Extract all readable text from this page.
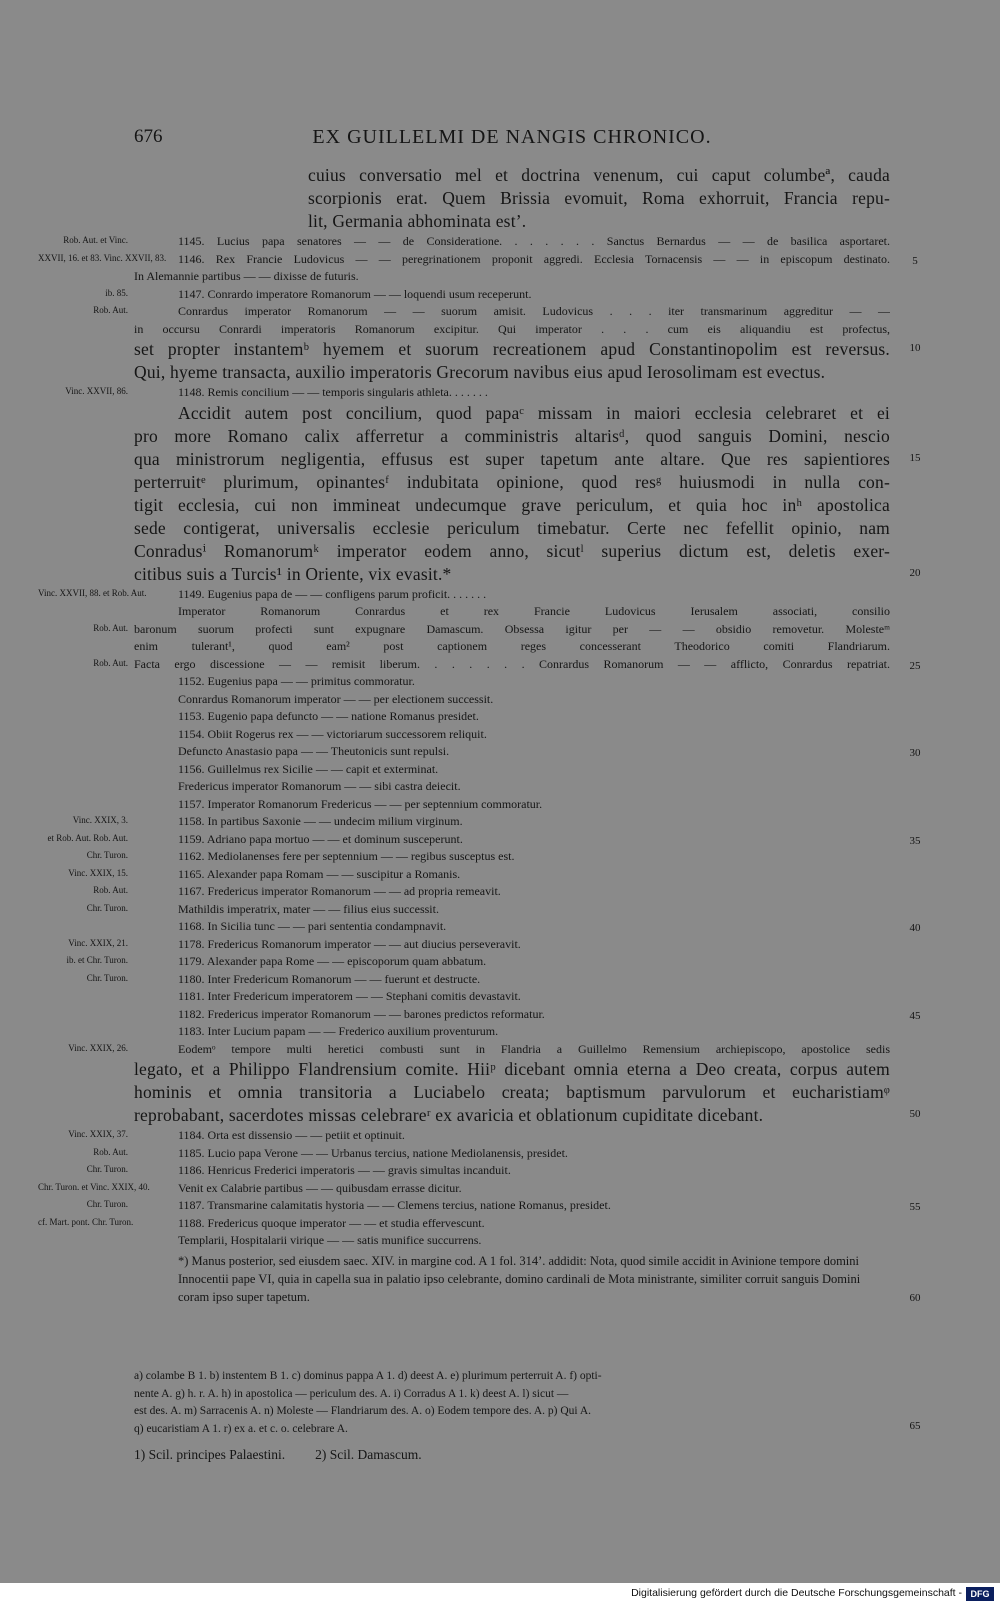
676	EX GUILLELMI DE NANGIS CHRONICO.
cuius conversatio mel et doctrina venenum, cui caput columbeª, cauda
scorpionis erat. Quem Brissia evomuit, Roma exhorruit, Francia repu-
lit, Germania abhominata est’.
Rob. Aut. et Vinc.	1145. Lucius papa senatores — — de Consideratione. . . . . . . Sanctus Bernardus — — de basilica asportaret.
XXVII, 16. et 83. Vinc. XXVII, 83. 1146. Rex Francie Ludovicus — — peregrinationem proponit aggredi. Ecclesia Tornacensis — — in episcopum destinato.	5
In Alemannie partibus — — dixisse de futuris.
ib. 85.	1147. Conrardo imperatore Romanorum — — loquendi usum receperunt.
Rob. Aut.	Conrardus imperator Romanorum — — suorum amisit. Ludovicus . . . iter transmarinum aggreditur — —
in occursu Conrardi imperatoris Romanorum excipitur. Qui imperator . . . cum eis aliquandiu est profectus,
set propter instantemᵇ hyemem et suorum recreationem apud Constantinopolim est reversus.	10
Qui, hyeme transacta, auxilio imperatoris Grecorum navibus eius apud Ierosolimam est evectus.
Vinc. XXVII, 86.	1148. Remis concilium — — temporis singularis athleta. . . . . . .
Accidit autem post concilium, quod papaᶜ missam in maiori ecclesia celebraret et ei
pro more Romano calix afferretur a comministris altarisᵈ, quod sanguis Domini, nescio
qua ministrorum negligentia, effusus est super tapetum ante altare. Que res sapientiores	15
perterruitᵉ plurimum, opinantesᶠ indubitata opinione, quod resᵍ huiusmodi in nulla con-
tigit ecclesia, cui non immineat undecumque grave periculum, et quia hoc inʰ apostolica
sede contigerat, universalis ecclesie periculum timebatur. Certe nec fefellit opinio, nam
Conradusⁱ Romanorumᵏ imperator eodem anno, sicutˡ superius dictum est, deletis exer-
citibus suis a Turcis¹ in Oriente, vix evasit.*	20
Vinc. XXVII, 88. et Rob. Aut.	1149. Eugenius papa de — — confligens parum proficit. . . . . . .
Imperator Romanorum Conrardus et rex Francie Ludovicus Ierusalem associati, consilio
Rob. Aut. baronum suorum profecti sunt expugnare Damascum. Obsessa igitur per — — obsidio removetur. Molesteᵐ
enim tulerant¹, quod eam² post captionem reges concesserant Theodorico comiti Flandriarum.
Rob. Aut. Facta ergo discessione — — remisit liberum. . . . . . . Conrardus Romanorum — — afflicto, Conrardus repatriat.	25
1152. Eugenius papa — — primitus commoratur.
Conrardus Romanorum imperator — — per electionem successit.
1153. Eugenio papa defuncto — — natione Romanus presidet.
1154. Obiit Rogerus rex — — victoriarum successorem reliquit.
Defuncto Anastasio papa — — Theutonicis sunt repulsi.	30
1156. Guillelmus rex Sicilie — — capit et exterminat.
Fredericus imperator Romanorum — — sibi castra deiecit.
1157. Imperator Romanorum Fredericus — — per septennium commoratur.
Vinc. XXIX, 3.	1158. In partibus Saxonie — — undecim milium virginum.
et Rob. Aut. Rob. Aut.	1159. Adriano papa mortuo — — et dominum susceperunt.	35
Chr. Turon.	1162. Mediolanenses fere per septennium — — regibus susceptus est.
Vinc. XXIX, 15.	1165. Alexander papa Romam — — suscipitur a Romanis.
Rob. Aut.	1167. Fredericus imperator Romanorum — — ad propria remeavit.
Chr. Turon.	Mathildis imperatrix, mater — — filius eius successit.
1168. In Sicilia tunc — — pari sententia condampnavit.	40
Vinc. XXIX, 21.	1178. Fredericus Romanorum imperator — — aut diucius perseveravit.
ib. et Chr. Turon.	1179. Alexander papa Rome — — episcoporum quam abbatum.
Chr. Turon.	1180. Inter Fredericum Romanorum — — fuerunt et destructe.
1181. Inter Fredericum imperatorem — — Stephani comitis devastavit.
1182. Fredericus imperator Romanorum — — barones predictos reformatur.	45
1183. Inter Lucium papam — — Frederico auxilium proventurum.
Vinc. XXIX, 26.	Eodemᵒ tempore multi heretici combusti sunt in Flandria a Guillelmo Remensium archiepiscopo, apostolice sedis
legato, et a Philippo Flandrensium comite. Hiiᵖ dicebant omnia eterna a Deo creata, corpus autem
hominis et omnia transitoria a Luciabelo creata; baptismum parvulorum et eucharistiamᵠ
reprobabant, sacerdotes missas celebrareʳ ex avaricia et oblationum cupiditate dicebant.	50
Vinc. XXIX, 37.	1184. Orta est dissensio — — petiit et optinuit.
Rob. Aut.	1185. Lucio papa Verone — — Urbanus tercius, natione Mediolanensis, presidet.
Chr. Turon.	1186. Henricus Frederici imperatoris — — gravis simultas incanduit.
Chr. Turon. et Vinc. XXIX, 40. Venit ex Calabrie partibus — — quibusdam errasse dicitur.
Chr. Turon.	1187. Transmarine calamitatis hystoria — — Clemens tercius, natione Romanus, presidet.	55
cf. Mart. pont. Chr. Turon.	1188. Fredericus quoque imperator — — et studia effervescunt.
Templarii, Hospitalarii virique — — satis munifice succurrens.
*) Manus posterior, sed eiusdem saec. XIV. in margine cod. A 1 fol. 314’. addidit: Nota, quod simile accidit in Avinione tempore domini Innocentii pape VI, quia in capella sua in palatio ipso celebrante, domino cardinali de Mota ministrante, similiter corruit sanguis Domini coram ipso super tapetum.	60
a) colambe B 1. b) instentem B 1. c) dominus pappa A 1. d) deest A. e) plurimum perterruit A. f) opti-
nente A. g) h. r. A. h) in apostolica — periculum des. A. i) Corradus A 1. k) deest A. l) sicut —
est des. A. m) Sarracenis A. n) Moleste — Flandriarum des. A. o) Eodem tempore des. A. p) Qui A.
q) eucaristiam A 1. r) ex a. et c. o. celebrare A.	65
1) Scil. principes Palaestini. 2) Scil. Damascum.
Digitalisierung gefördert durch die Deutsche Forschungsgemeinschaft - DFG
